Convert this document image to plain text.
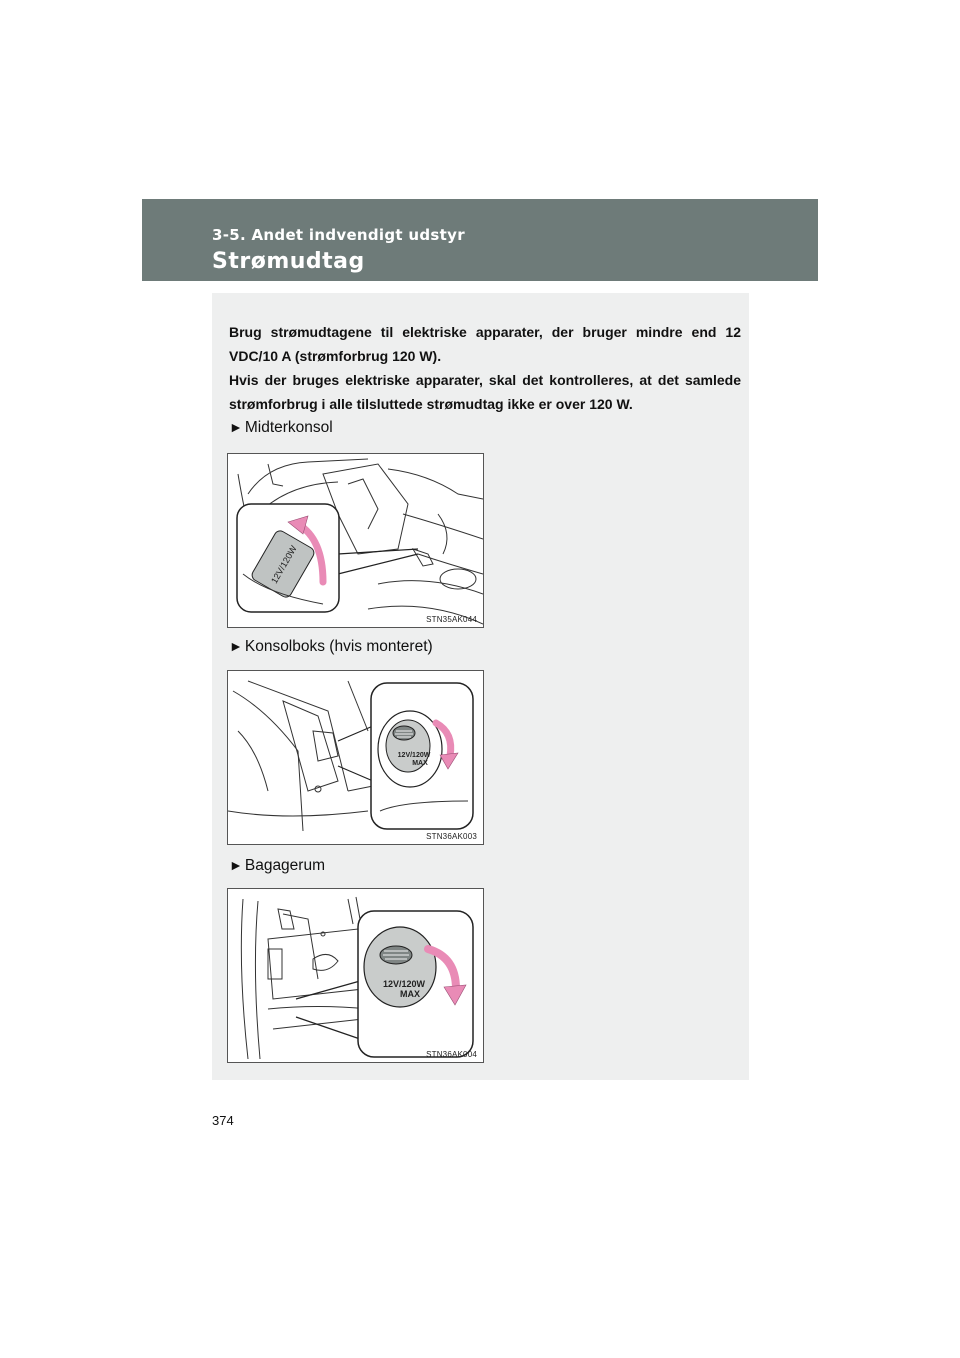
3-5. Andet indvendigt udstyr
Strømudtag

Brug strømudtagene til elektriske apparater, der bruger mindre end 12 VDC/10 A (strømforbrug 120 W).

Hvis der bruges elektriske apparater, skal det kontrolleres, at det samlede strømforbrug i alle tilsluttede strømudtag ikke er over 120 W.

► Midterkonsol
12V/120W
STN35AK044
► Konsolboks (hvis monteret)
12V/120W
MAX
STN36AK003
► Bagagerum
12V/120W
MAX
STN36AK004
374
